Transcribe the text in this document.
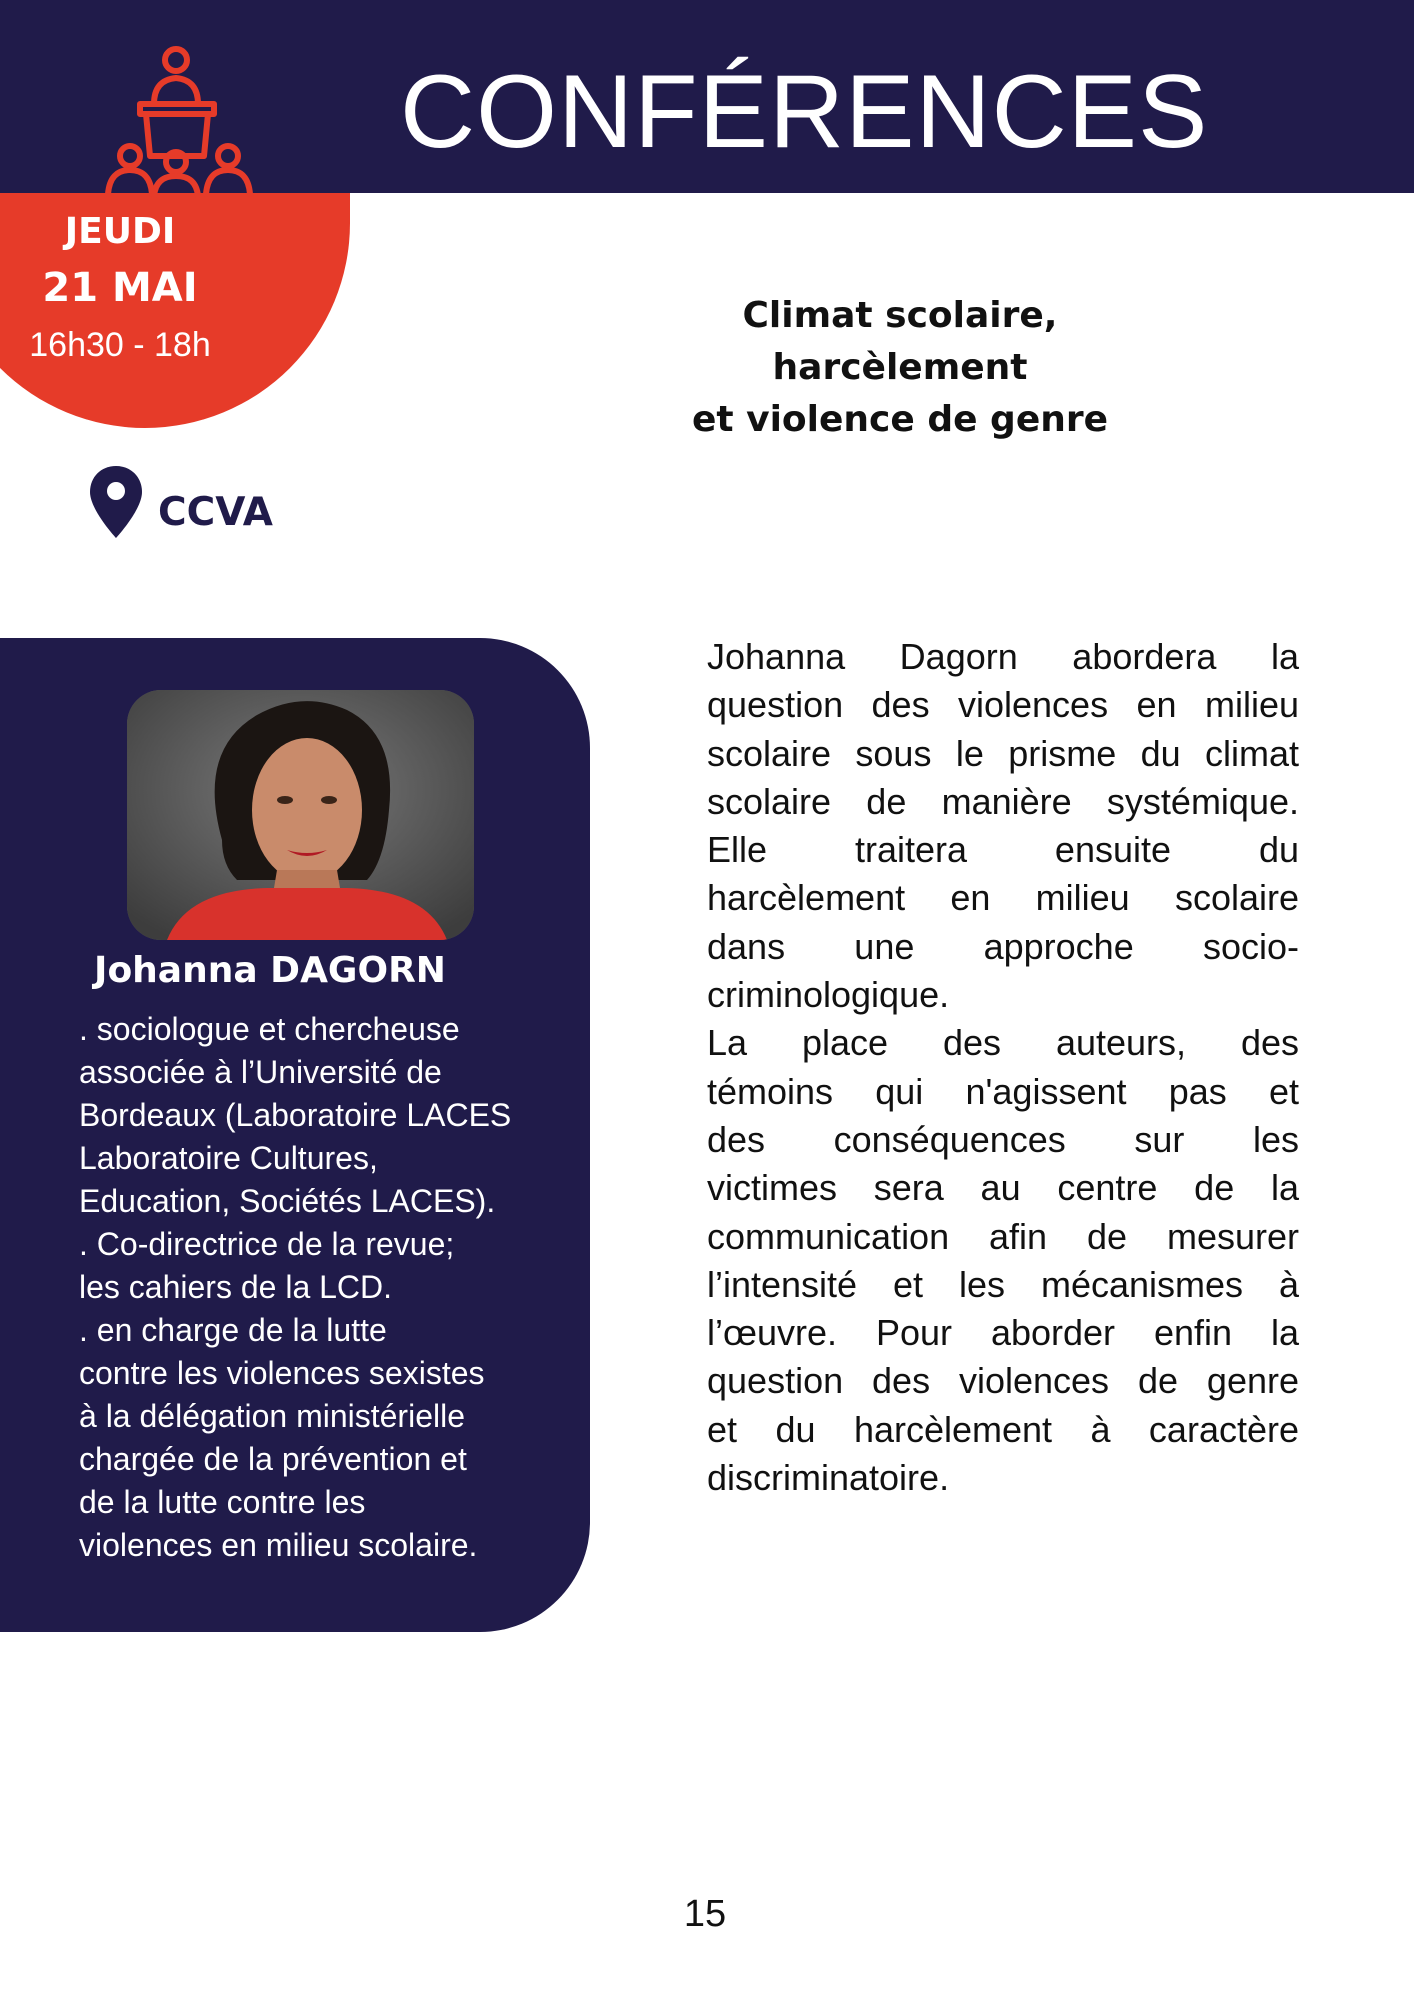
CONFÉRENCES
JEUDI
21 MAI
16h30 - 18h
CCVA
Climat scolaire,
harcèlement
et violence de genre
Johanna DAGORN
. sociologue et chercheuse
associée à l’Université de
Bordeaux (Laboratoire LACES
Laboratoire Cultures,
Education, Sociétés LACES).
. Co-directrice de la revue;
les cahiers de la LCD.
. en charge de la lutte
contre les violences sexistes
à la délégation ministérielle
chargée de la prévention et
de la lutte contre les
violences en milieu scolaire.
Johanna Dagorn abordera la
question des violences en milieu
scolaire sous le prisme du climat
scolaire de manière systémique.
Elle traitera ensuite du
harcèlement en milieu scolaire
dans une approche socio-
criminologique.
La place des auteurs, des
témoins qui n'agissent pas et
des conséquences sur les
victimes sera au centre de la
communication afin de mesurer
l’intensité et les mécanismes à
l’œuvre. Pour aborder enfin la
question des violences de genre
et du harcèlement à caractère
discriminatoire.
15
